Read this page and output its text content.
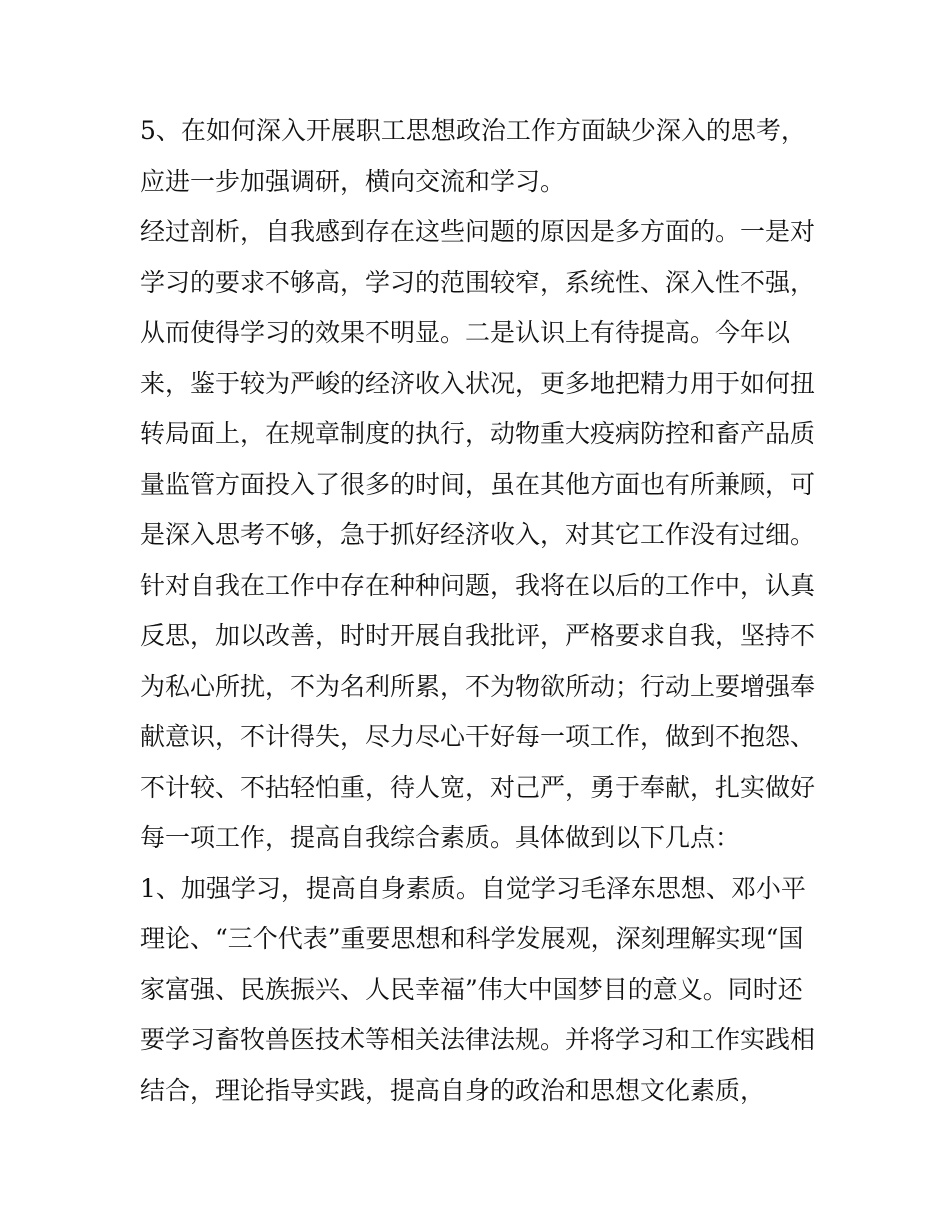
5、在如何深入开展职工思想政治工作方面缺少深入的思考，
应进一步加强调研，横向交流和学习。
经过剖析，自我感到存在这些问题的原因是多方面的。一是对
学习的要求不够高，学习的范围较窄，系统性、深入性不强，
从而使得学习的效果不明显。二是认识上有待提高。今年以
来，鉴于较为严峻的经济收入状况，更多地把精力用于如何扭
转局面上，在规章制度的执行，动物重大疫病防控和畜产品质
量监管方面投入了很多的时间，虽在其他方面也有所兼顾，可
是深入思考不够，急于抓好经济收入，对其它工作没有过细。
针对自我在工作中存在种种问题，我将在以后的工作中，认真
反思，加以改善，时时开展自我批评，严格要求自我，坚持不
为私心所扰，不为名利所累，不为物欲所动；行动上要增强奉
献意识，不计得失，尽力尽心干好每一项工作，做到不抱怨、
不计较、不拈轻怕重，待人宽，对己严，勇于奉献，扎实做好
每一项工作，提高自我综合素质。具体做到以下几点：
1、加强学习，提高自身素质。自觉学习毛泽东思想、邓小平
理论、“三个代表”重要思想和科学发展观，深刻理解实现“国
家富强、民族振兴、人民幸福”伟大中国梦目的意义。同时还
要学习畜牧兽医技术等相关法律法规。并将学习和工作实践相
结合，理论指导实践，提高自身的政治和思想文化素质，
